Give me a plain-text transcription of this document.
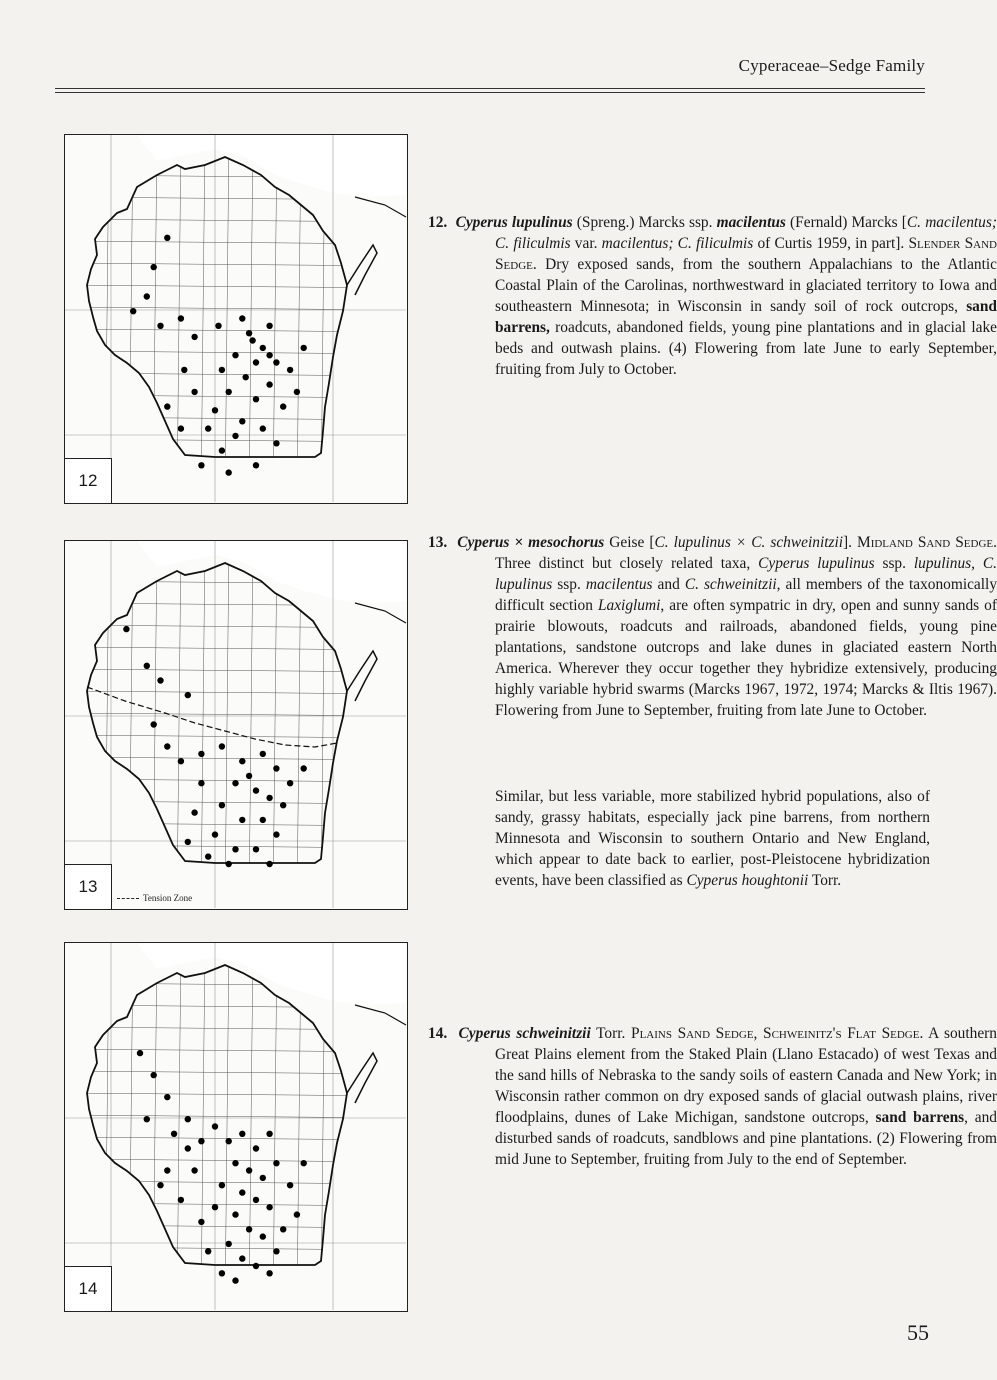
Cyperaceae–Sedge Family
12
13
Tension Zone
14

12. Cyperus lupulinus (Spreng.) Marcks ssp. macilentus (Fernald) Marcks [C. macilentus; C. filiculmis var. macilentus; C. filiculmis of Curtis 1959, in part]. Slender Sand Sedge. Dry exposed sands, from the southern Appalachians to the Atlantic Coastal Plain of the Carolinas, northwestward in glaciated territory to Iowa and southeastern Minnesota; in Wisconsin in sandy soil of rock outcrops, sand barrens, roadcuts, abandoned fields, young pine plantations and in glacial lake beds and outwash plains. (4) Flowering from late June to early September, fruiting from July to October.

13. Cyperus × mesochorus Geise [C. lupulinus × C. schweinitzii]. Midland Sand Sedge. Three distinct but closely related taxa, Cyperus lupulinus ssp. lupulinus, C. lupulinus ssp. macilentus and C. schweinitzii, all members of the taxonomically difficult section Laxiglumi, are often sympatric in dry, open and sunny sands of prairie blowouts, roadcuts and railroads, abandoned fields, young pine plantations, sandstone outcrops and lake dunes in glaciated eastern North America. Wherever they occur together they hybridize extensively, producing highly variable hybrid swarms (Marcks 1967, 1972, 1974; Marcks & Iltis 1967). Flowering from June to September, fruiting from late June to October.

Similar, but less variable, more stabilized hybrid populations, also of sandy, grassy habitats, especially jack pine barrens, from northern Minnesota and Wisconsin to southern Ontario and New England, which appear to date back to earlier, post-Pleistocene hybridization events, have been classified as Cyperus houghtonii Torr.

14. Cyperus schweinitzii Torr. Plains Sand Sedge, Schweinitz's Flat Sedge. A southern Great Plains element from the Staked Plain (Llano Estacado) of west Texas and the sand hills of Nebraska to the sandy soils of eastern Canada and New York; in Wisconsin rather common on dry exposed sands of glacial outwash plains, river floodplains, dunes of Lake Michigan, sandstone outcrops, sand barrens, and disturbed sands of roadcuts, sandblows and pine plantations. (2) Flowering from mid June to September, fruiting from July to the end of September.

55
